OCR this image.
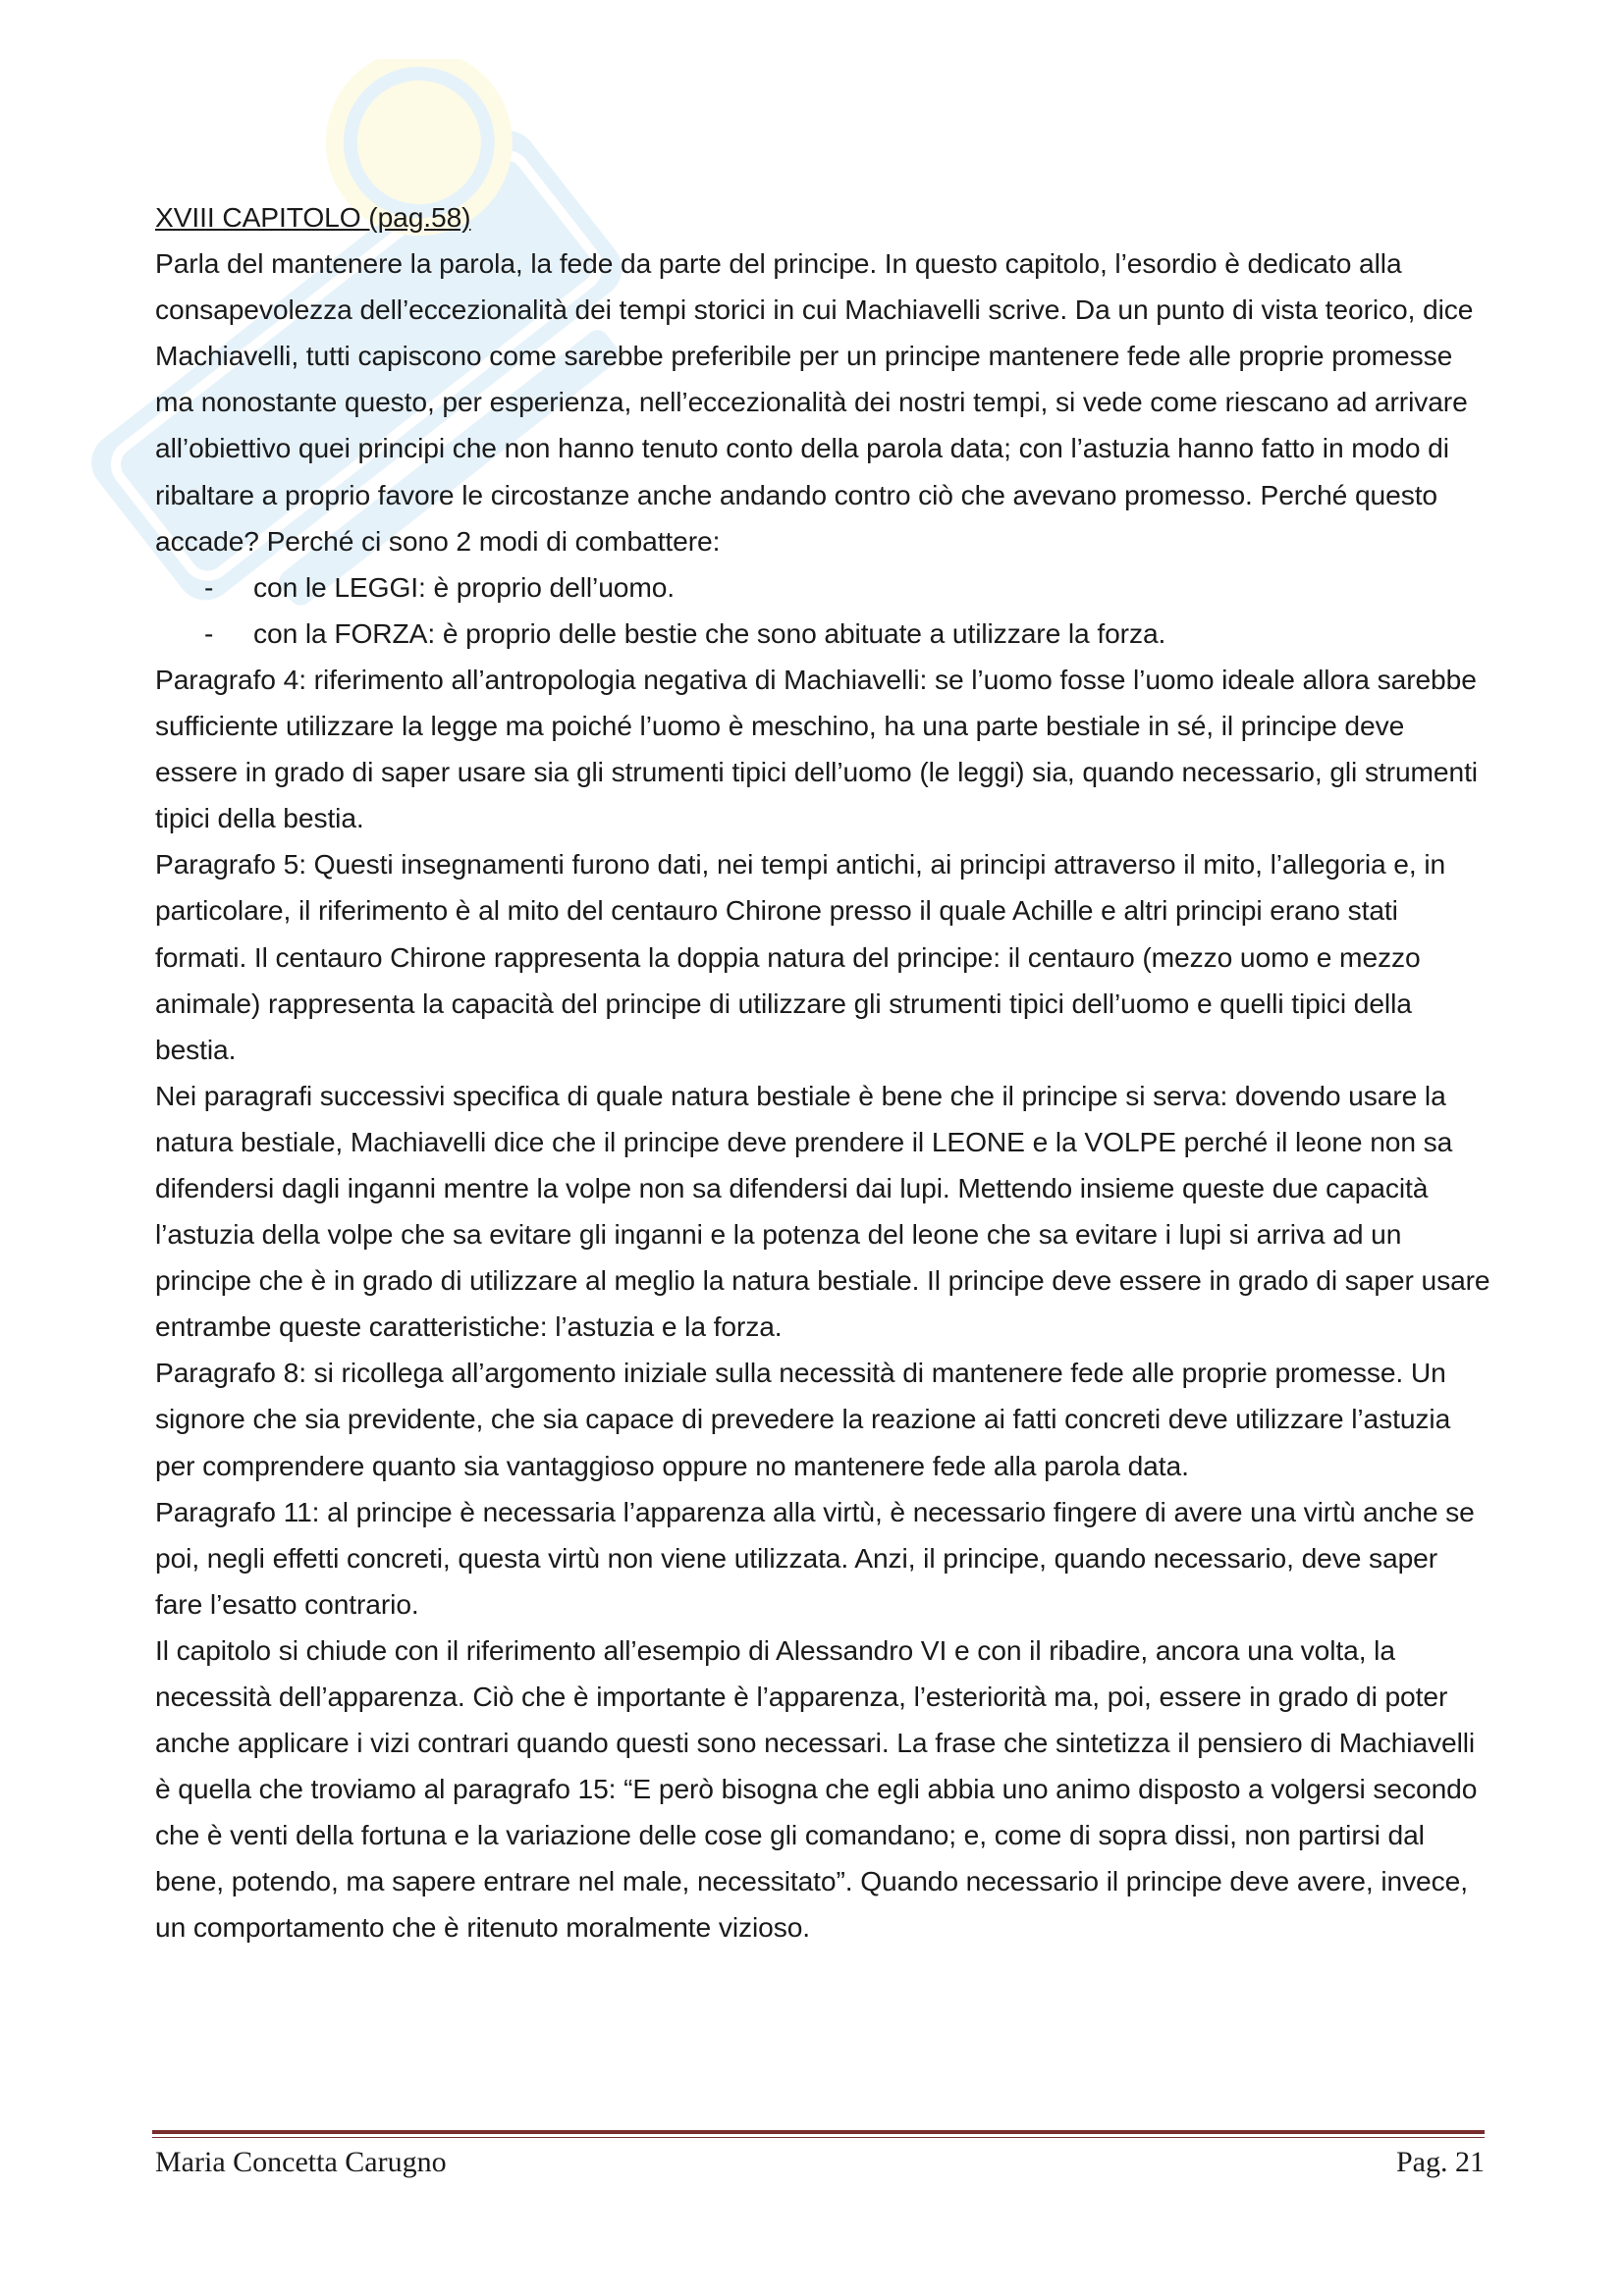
XVIII CAPITOLO (pag.58)

Parla del mantenere la parola, la fede da parte del principe. In questo capitolo, l’esordio è dedicato alla consapevolezza dell’eccezionalità dei tempi storici in cui Machiavelli scrive. Da un punto di vista teorico, dice Machiavelli, tutti capiscono come sarebbe preferibile per un principe mantenere fede alle proprie promesse ma nonostante questo, per esperienza, nell’eccezionalità dei nostri tempi, si vede come riescano ad arrivare all’obiettivo quei principi che non hanno tenuto conto della parola data; con l’astuzia hanno fatto in modo di ribaltare a proprio favore le circostanze anche andando contro ciò che avevano promesso. Perché questo accade? Perché ci sono 2 modi di combattere:

- con le LEGGI: è proprio dell’uomo.
- con la FORZA: è proprio delle bestie che sono abituate a utilizzare la forza.

Paragrafo 4: riferimento all’antropologia negativa di Machiavelli: se l’uomo fosse l’uomo ideale allora sarebbe sufficiente utilizzare la legge ma poiché l’uomo è meschino, ha una parte bestiale in sé, il principe deve essere in grado di saper usare sia gli strumenti tipici dell’uomo (le leggi) sia, quando necessario, gli strumenti tipici della bestia.

Paragrafo 5: Questi insegnamenti furono dati, nei tempi antichi, ai principi attraverso il mito, l’allegoria e, in particolare, il riferimento è al mito del centauro Chirone presso il quale Achille e altri principi erano stati formati. Il centauro Chirone rappresenta la doppia natura del principe: il centauro (mezzo uomo e mezzo animale) rappresenta la capacità del principe di utilizzare gli strumenti tipici dell’uomo e quelli tipici della bestia.

Nei paragrafi successivi specifica di quale natura bestiale è bene che il principe si serva: dovendo usare la natura bestiale, Machiavelli dice che il principe deve prendere il LEONE e la VOLPE perché il leone non sa difendersi dagli inganni mentre la volpe non sa difendersi dai lupi. Mettendo insieme queste due capacità l’astuzia della volpe che sa evitare gli inganni e la potenza del leone che sa evitare i lupi si arriva ad un principe che è in grado di utilizzare al meglio la natura bestiale. Il principe deve essere in grado di saper usare entrambe queste caratteristiche: l’astuzia e la forza.

Paragrafo 8: si ricollega all’argomento iniziale sulla necessità di mantenere fede alle proprie promesse. Un signore che sia previdente, che sia capace di prevedere la reazione ai fatti concreti deve utilizzare l’astuzia per comprendere quanto sia vantaggioso oppure no mantenere fede alla parola data.

Paragrafo 11: al principe è necessaria l’apparenza alla virtù, è necessario fingere di avere una virtù anche se poi, negli effetti concreti, questa virtù non viene utilizzata. Anzi, il principe, quando necessario, deve saper fare l’esatto contrario.

Il capitolo si chiude con il riferimento all’esempio di Alessandro VI e con il ribadire, ancora una volta, la necessità dell’apparenza. Ciò che è importante è l’apparenza, l’esteriorità ma, poi, essere in grado di poter anche applicare i vizi contrari quando questi sono necessari. La frase che sintetizza il pensiero di Machiavelli è quella che troviamo al paragrafo 15: “E però bisogna che egli abbia uno animo disposto a volgersi secondo che è venti della fortuna e la variazione delle cose gli comandano; e, come di sopra dissi, non partirsi dal bene, potendo, ma sapere entrare nel male, necessitato”. Quando necessario il principe deve avere, invece, un comportamento che è ritenuto moralmente vizioso.

Maria Concetta Carugno	Pag. 21
